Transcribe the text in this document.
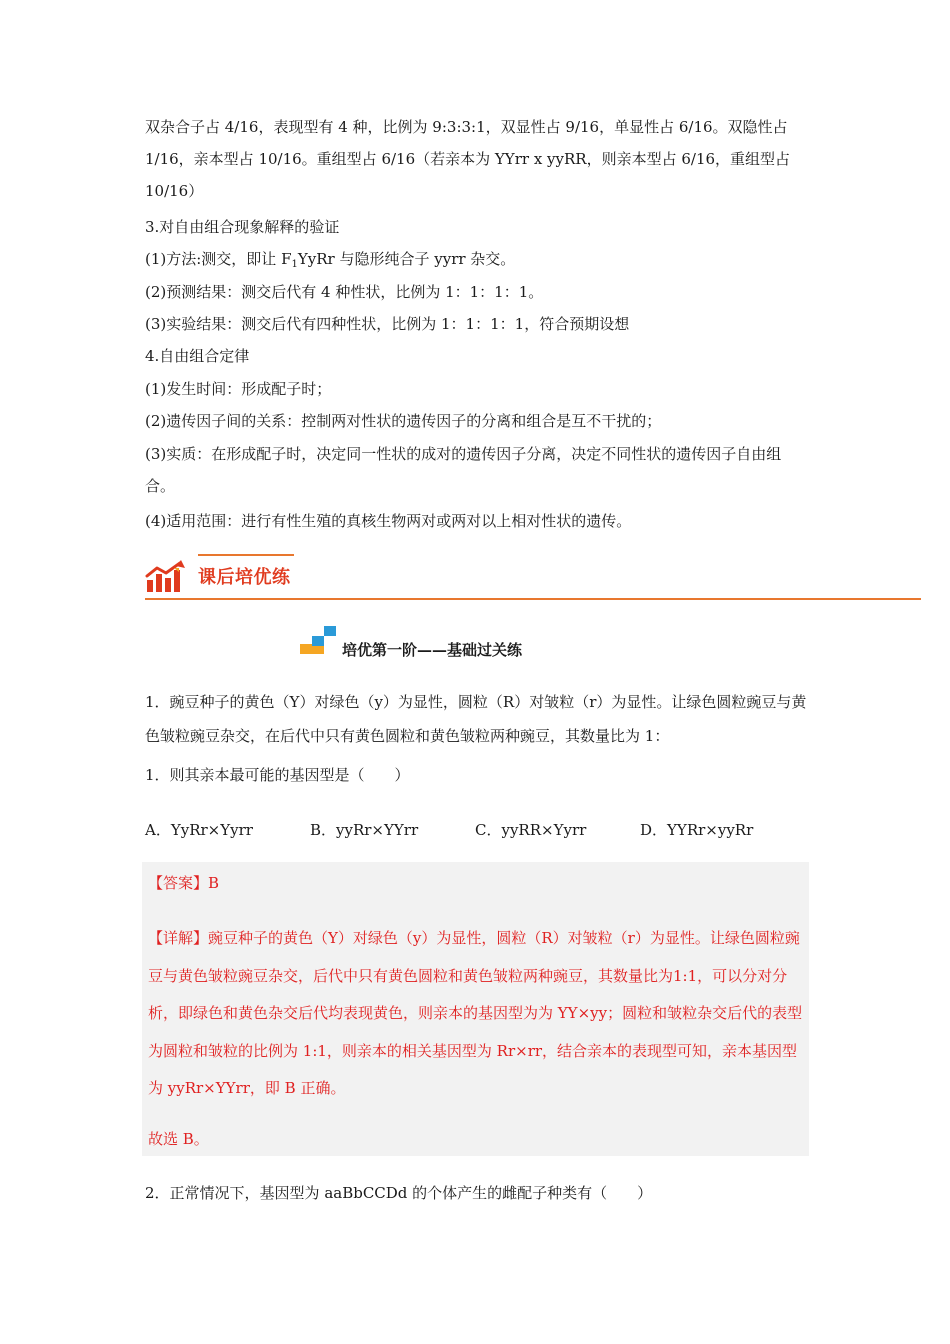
双杂合子占 4/16，表现型有 4 种，比例为 9:3:3:1，双显性占 9/16，单显性占 6/16。双隐性占 1/16，亲本型占 10/16。重组型占 6/16（若亲本为 YYrr x yyRR，则亲本型占 6/16，重组型占 10/16）
3.对自由组合现象解释的验证
(1)方法:测交，即让 $F_1YyRr$ 与隐形纯合子 yyrr 杂交。
(2)预测结果：测交后代有 4 种性状，比例为 1：1：1：1。
(3)实验结果：测交后代有四种性状，比例为 1：1：1：1，符合预期设想
4.自由组合定律
(1)发生时间：形成配子时；
(2)遗传因子间的关系：控制两对性状的遗传因子的分离和组合是互不干扰的；
(3)实质：在形成配子时，决定同一性状的成对的遗传因子分离，决定不同性状的遗传因子自由组合。
(4)适用范围：进行有性生殖的真核生物两对或两对以上相对性状的遗传。
课后培优练
培优第一阶——基础过关练
1．豌豆种子的黄色（Y）对绿色（y）为显性，圆粒（R）对皱粒（r）为显性。让绿色圆粒豌豆与黄色皱粒豌豆杂交，在后代中只有黄色圆粒和黄色皱粒两种豌豆，其数量比为 1：
1．则其亲本最可能的基因型是（　　）
A．YyRr×Yyrr	B．yyRr×YYrr	C．yyRR×Yyrr	D．YYRr×yyRr
【答案】B
【详解】豌豆种子的黄色（Y）对绿色（y）为显性，圆粒（R）对皱粒（r）为显性。让绿色圆粒豌豆与黄色皱粒豌豆杂交，后代中只有黄色圆粒和黄色皱粒两种豌豆，其数量比为1:1，可以分对分析，即绿色和黄色杂交后代均表现黄色，则亲本的基因型为为 YY×yy；圆粒和皱粒杂交后代的表型为圆粒和皱粒的比例为 1:1，则亲本的相关基因型为 Rr×rr，结合亲本的表现型可知，亲本基因型为 yyRr×YYrr，即 B 正确。
故选 B。
2．正常情况下，基因型为 aaBbCCDd 的个体产生的雌配子种类有（　　）
